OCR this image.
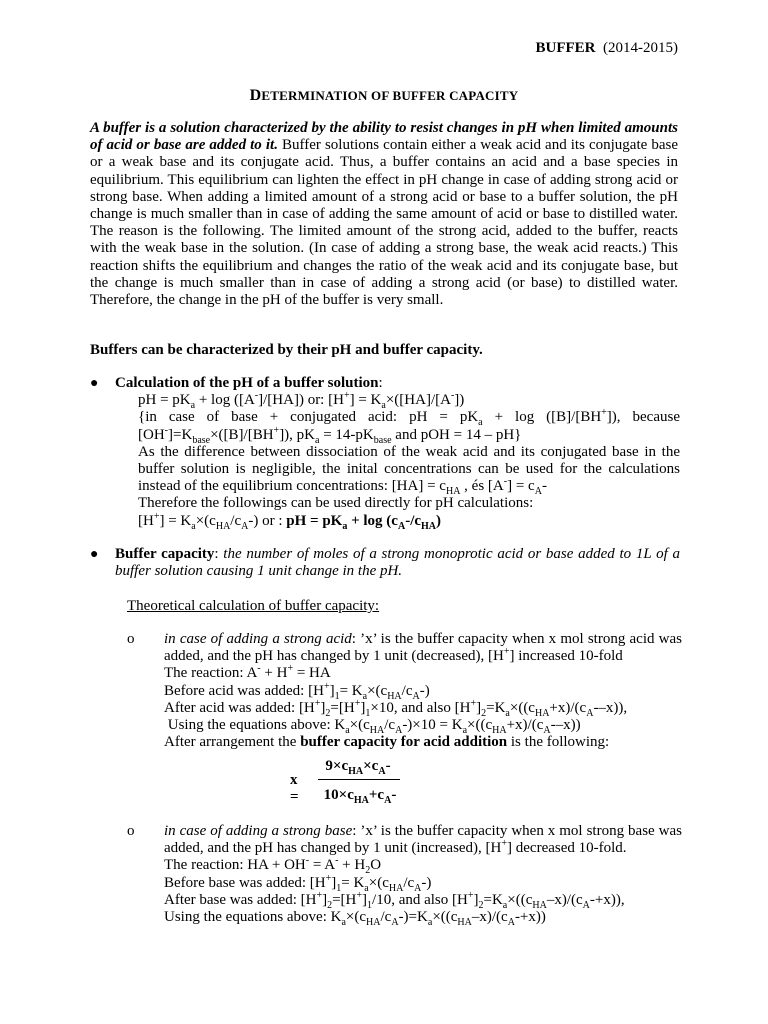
BUFFER (2014-2015)
DETERMINATION OF BUFFER CAPACITY

A buffer is a solution characterized by the ability to resist changes in pH when limited amounts of acid or base are added to it. Buffer solutions contain either a weak acid and its conjugate base or a weak base and its conjugate acid. Thus, a buffer contains an acid and a base species in equilibrium. This equilibrium can lighten the effect in pH change in case of adding strong acid or strong base. When adding a limited amount of a strong acid or base to a buffer solution, the pH change is much smaller than in case of adding the same amount of acid or base to distilled water. The reason is the following. The limited amount of the strong acid, added to the buffer, reacts with the weak base in the solution. (In case of adding a strong base, the weak acid reacts.) This reaction shifts the equilibrium and changes the ratio of the weak acid and its conjugate base, but the change is much smaller than in case of adding a strong acid (or base) to distilled water. Therefore, the change in the pH of the buffer is very small.

Buffers can be characterized by their pH and buffer capacity.

● Calculation of the pH of a buffer solution:
pH = $pK_a + \log ([A^-]/[HA])$ or: $[H^+] = K_a\times([HA]/[A^-])$
{in case of base + conjugated acid: pH = $pK_a + \log ([B]/[BH^+])$, because $[OH^-]=K_{base}\times([B]/[BH^+])$, $pK_a = 14-pK_{base}$ and pOH = 14 – pH}
As the difference between dissociation of the weak acid and its conjugated base in the buffer solution is negligible, the inital concentrations can be used for the calculations instead of the equilibrium concentrations: $[HA] = c_{HA}$ , és $[A^-] = c_A-$
Therefore the followings can be used directly for pH calculations:
$[H^+] = K_a\times(c_{HA}/c_A-)$ or : pH = $pK_a + \log (c_A-/c_{HA})$
● Buffer capacity: the number of moles of a strong monoprotic acid or base added to 1L of a buffer solution causing 1 unit change in the pH.
Theoretical calculation of buffer capacity:
o in case of adding a strong acid: ’x’ is the buffer capacity when x mol strong acid was added, and the pH has changed by 1 unit (decreased), [H+] increased 10-fold
The reaction: A- + H+ = HA
Before acid was added: $[H^+]_1= K_a\times(c_{HA}/c_A-)$
After acid was added: $[H^+]_2=[H^+]_1\times 10$, and also $[H^+]_2=K_a\times((c_{HA}+x)/(c_A--x))$,
Using the equations above: $K_a\times(c_{HA}/c_A-)\times 10 = K_a\times((c_{HA}+x)/(c_A--x))$
After arrangement the buffer capacity for acid addition is the following:
x =
$9\times c_{HA}\times c_A-$
$10\times c_{HA}+c_A-$
o in case of adding a strong base: ’x’ is the buffer capacity when x mol strong base was added, and the pH has changed by 1 unit (increased), [H+] decreased 10-fold.
The reaction: HA + $OH^- = A^- + H_2O$
Before base was added: $[H^+]_1= K_a\times(c_{HA}/c_A-)$
After base was added: $[H^+]_2=[H^+]_1/10$, and also $[H^+]_2=K_a\times((c_{HA}-x)/(c_A-+x))$,
Using the equations above: $K_a\times(c_{HA}/c_A-)=K_a\times((c_{HA}-x)/(c_A-+x))$
